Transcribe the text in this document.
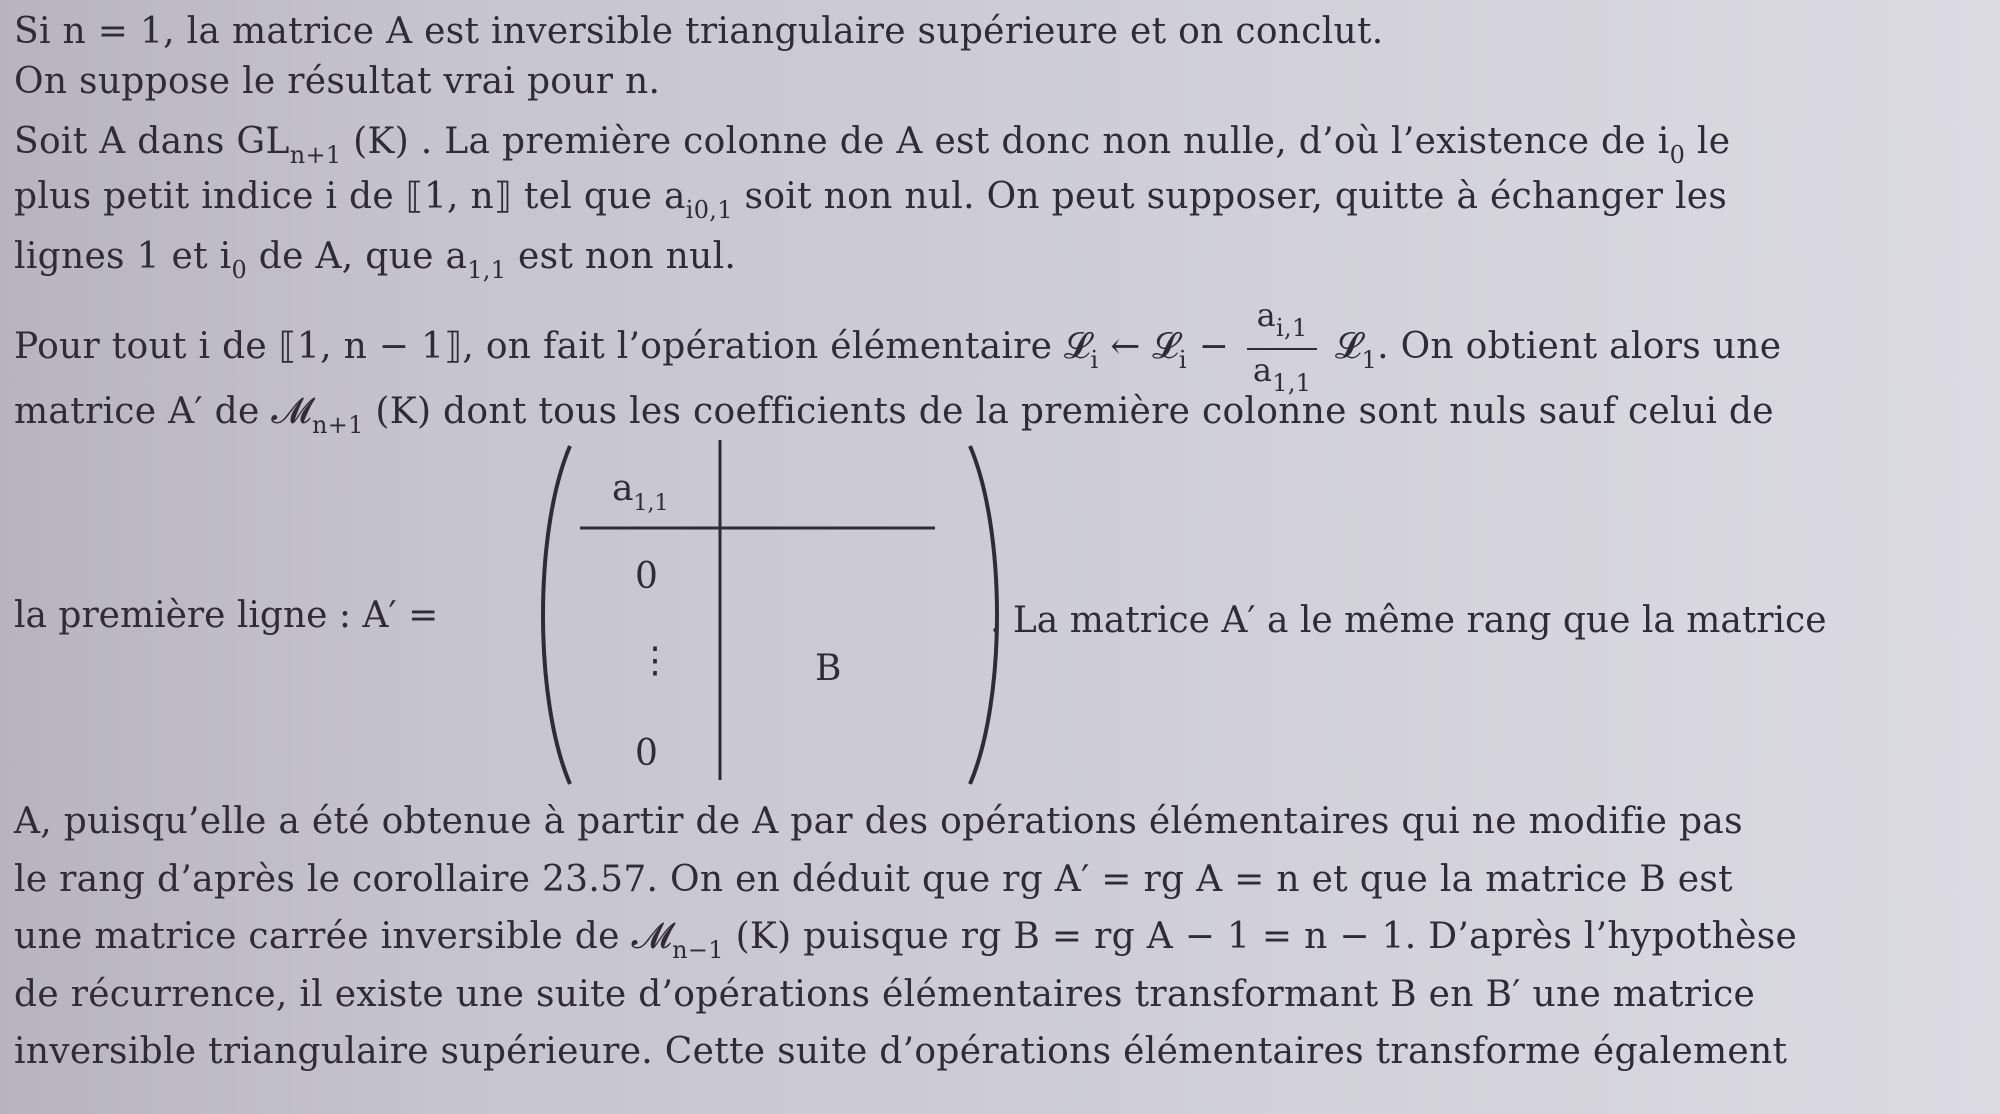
Si n = 1, la matrice A est inversible triangulaire supérieure et on conclut.
On suppose le résultat vrai pour n.
Soit A dans $GL_{n+1}$ (K) . La première colonne de A est donc non nulle, d’où l’existence de $i_0$ le
plus petit indice i de ⟦1, n⟧ tel que $a_{i0,1}$ soit non nul. On peut supposer, quitte à échanger les
lignes 1 et $i_0$ de A, que $a_{1,1}$ est non nul.
Pour tout i de ⟦1, n − 1⟧, on fait l’opération élémentaire 𝓛$_i$ ← 𝓛$_i$ − $\frac{a_{i,1}}{a_{1,1}}$ 𝓛$_1$. On obtient alors une
matrice A′ de 𝓜$_{n+1}$ (K) dont tous les coefficients de la première colonne sont nuls sauf celui de
la première ligne : A′ =
$a_{1,1}$
0
⋮
0
B
. La matrice A′ a le même rang que la matrice
A, puisqu’elle a été obtenue à partir de A par des opérations élémentaires qui ne modifie pas
le rang d’après le corollaire 23.57. On en déduit que rg A′ = rg A = n et que la matrice B est
une matrice carrée inversible de 𝓜$_{n-1}$ (K) puisque rg B = rg A − 1 = n − 1. D’après l’hypothèse
de récurrence, il existe une suite d’opérations élémentaires transformant B en B′ une matrice
inversible triangulaire supérieure. Cette suite d’opérations élémentaires transforme également
